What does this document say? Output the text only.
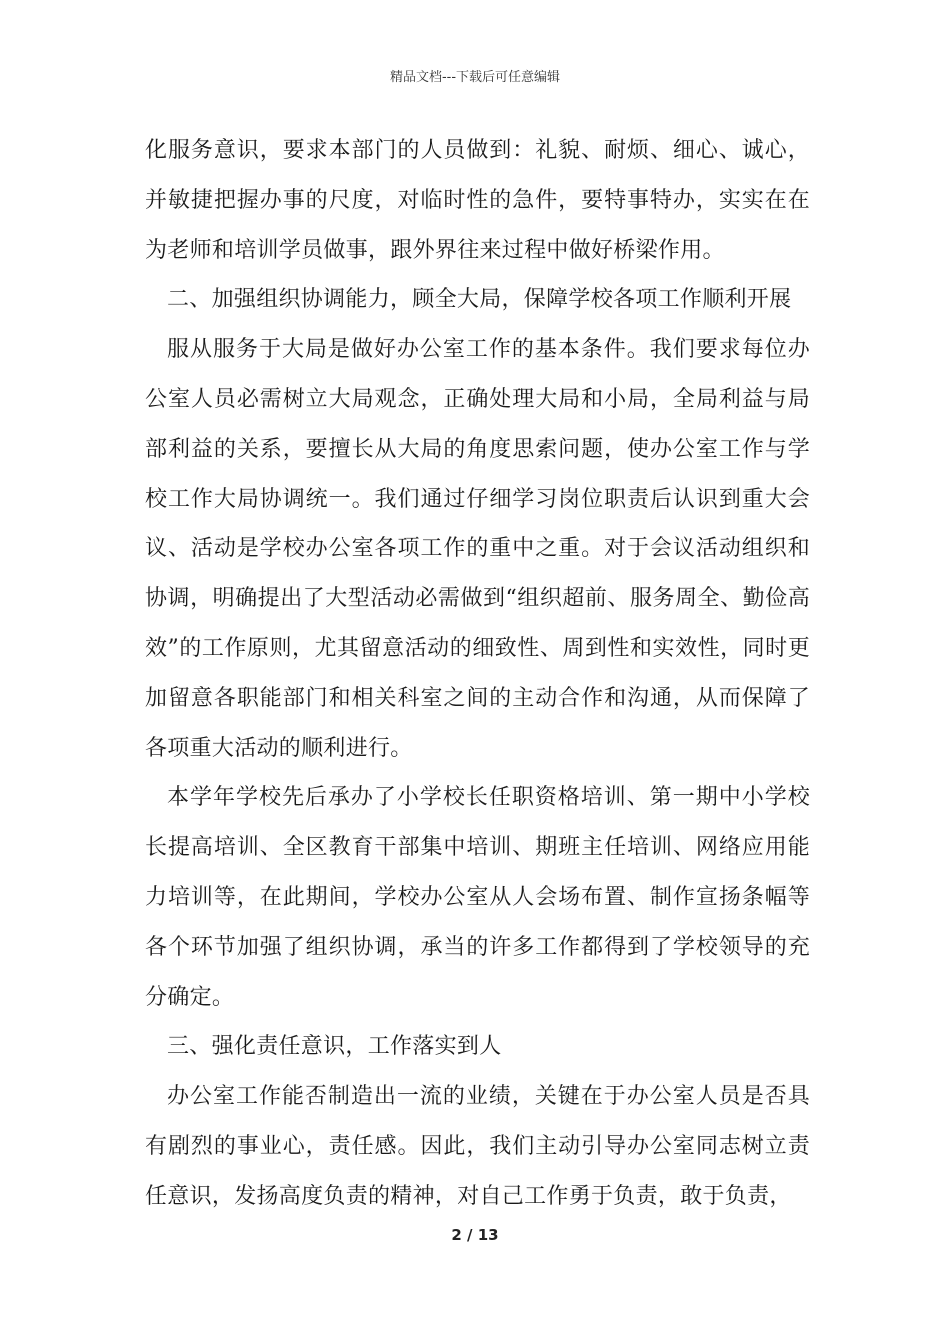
精品文档---下载后可任意编辑

化服务意识，要求本部门的人员做到：礼貌、耐烦、细心、诚心，并敏捷把握办事的尺度，对临时性的急件，要特事特办，实实在在为老师和培训学员做事，跟外界往来过程中做好桥梁作用。

二、加强组织协调能力，顾全大局，保障学校各项工作顺利开展

服从服务于大局是做好办公室工作的基本条件。我们要求每位办公室人员必需树立大局观念，正确处理大局和小局，全局利益与局部利益的关系，要擅长从大局的角度思索问题，使办公室工作与学校工作大局协调统一。我们通过仔细学习岗位职责后认识到重大会议、活动是学校办公室各项工作的重中之重。对于会议活动组织和协调，明确提出了大型活动必需做到“组织超前、服务周全、勤俭高效”的工作原则，尤其留意活动的细致性、周到性和实效性，同时更加留意各职能部门和相关科室之间的主动合作和沟通，从而保障了各项重大活动的顺利进行。

本学年学校先后承办了小学校长任职资格培训、第一期中小学校长提高培训、全区教育干部集中培训、期班主任培训、网络应用能力培训等，在此期间，学校办公室从人会场布置、制作宣扬条幅等各个环节加强了组织协调，承当的许多工作都得到了学校领导的充分确定。

三、强化责任意识，工作落实到人

办公室工作能否制造出一流的业绩，关键在于办公室人员是否具有剧烈的事业心，责任感。因此，我们主动引导办公室同志树立责任意识，发扬高度负责的精神，对自己工作勇于负责，敢于负责，

2 / 13
